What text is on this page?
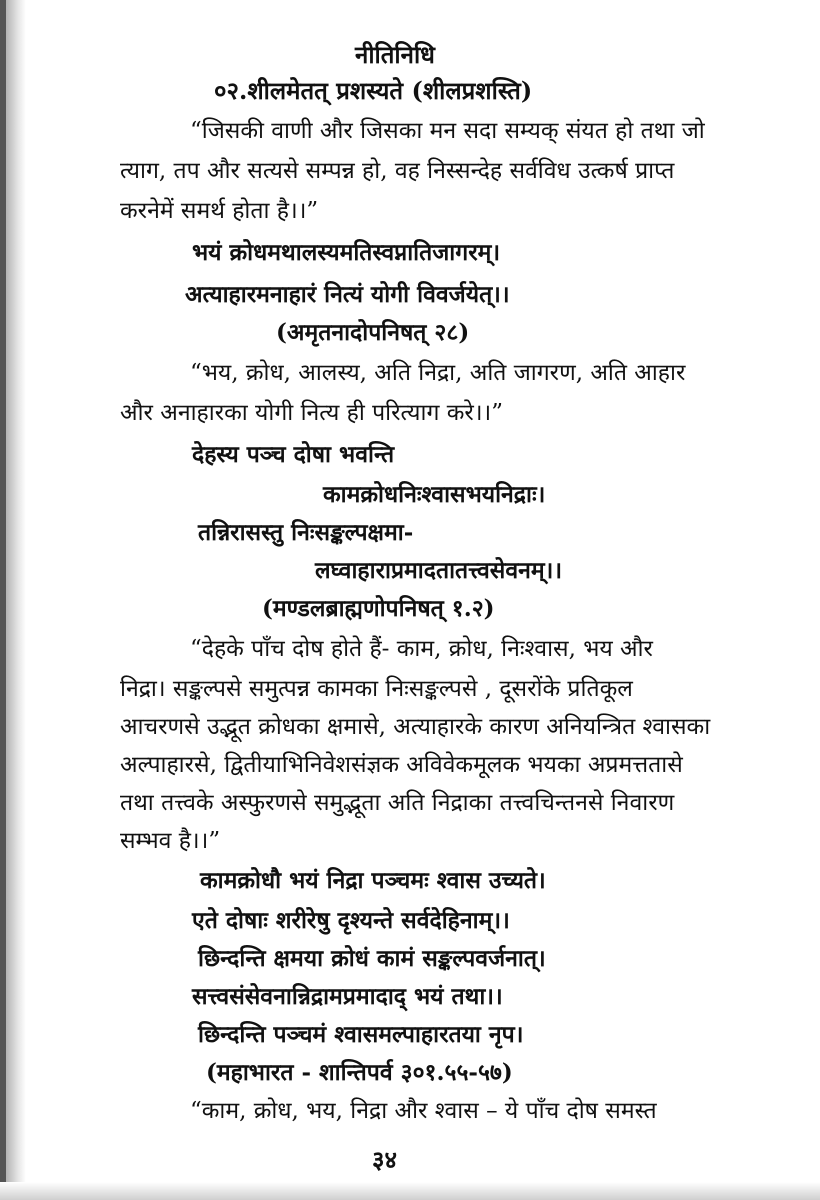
नीतिनिधि
०२.शीलमेतत् प्रशस्यते (शीलप्रशस्ति)
“जिसकी वाणी और जिसका मन सदा सम्यक् संयत हो तथा जो
त्याग, तप और सत्यसे सम्पन्न हो, वह निस्सन्देह सर्वविध उत्कर्ष प्राप्त
करनेमें समर्थ होता है।।”
भयं क्रोधमथालस्यमतिस्वप्नातिजागरम्।
अत्याहारमनाहारं नित्यं योगी विवर्जयेत्।।
(अमृतनादोपनिषत् २८)
“भय, क्रोध, आलस्य, अति निद्रा, अति जागरण, अति आहार
और अनाहारका योगी नित्य ही परित्याग करे।।”
देहस्य पञ्च दोषा भवन्ति
कामक्रोधनिःश्वासभयनिद्राः।
तन्निरासस्तु निःसङ्कल्पक्षमा-
लघ्वाहाराप्रमादतातत्त्वसेवनम्।।
(मण्डलब्राह्मणोपनिषत् १.२)
“देहके पाँच दोष होते हैं- काम, क्रोध, निःश्वास, भय और
निद्रा। सङ्कल्पसे समुत्पन्न कामका निःसङ्कल्पसे , दूसरोंके प्रतिकूल
आचरणसे उद्भूत क्रोधका क्षमासे, अत्याहारके कारण अनियन्त्रित श्वासका
अल्पाहारसे, द्वितीयाभिनिवेशसंज्ञक अविवेकमूलक भयका अप्रमत्ततासे
तथा तत्त्वके अस्फुरणसे समुद्भूता अति निद्राका तत्त्वचिन्तनसे निवारण
सम्भव है।।”
कामक्रोधौ भयं निद्रा पञ्चमः श्वास उच्यते।
एते दोषाः शरीरेषु दृश्यन्ते सर्वदेहिनाम्।।
छिन्दन्ति क्षमया क्रोधं कामं सङ्कल्पवर्जनात्।
सत्त्वसंसेवनान्निद्रामप्रमादाद् भयं तथा।।
छिन्दन्ति पञ्चमं श्वासमल्पाहारतया नृप।
(महाभारत - शान्तिपर्व ३०१.५५-५७)
“काम, क्रोध, भय, निद्रा और श्वास – ये पाँच दोष समस्त
३४
